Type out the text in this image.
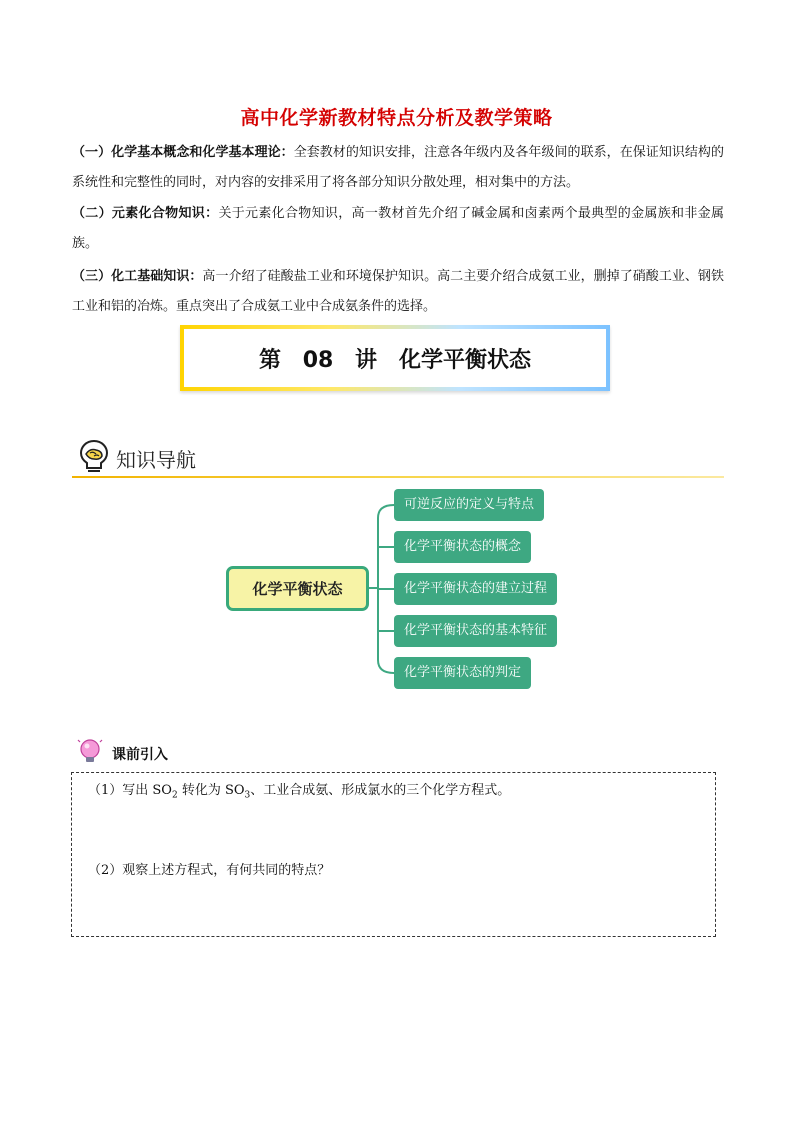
高中化学新教材特点分析及教学策略
（一）化学基本概念和化学基本理论：全套教材的知识安排，注意各年级内及各年级间的联系，在保证知识结构的系统性和完整性的同时，对内容的安排采用了将各部分知识分散处理，相对集中的方法。
（二）元素化合物知识：关于元素化合物知识，高一教材首先介绍了碱金属和卤素两个最典型的金属族和非金属族。
（三）化工基础知识：高一介绍了硅酸盐工业和环境保护知识。高二主要介绍合成氨工业，删掉了硝酸工业、钢铁工业和铝的冶炼。重点突出了合成氨工业中合成氨条件的选择。
第 08 讲　化学平衡状态
知识导航
化学平衡状态
可逆反应的定义与特点
化学平衡状态的概念
化学平衡状态的建立过程
化学平衡状态的基本特征
化学平衡状态的判定
课前引入
（1）写出 $SO_2$ 转化为 $SO_3$、工业合成氨、形成氯水的三个化学方程式。
（2）观察上述方程式，有何共同的特点？
